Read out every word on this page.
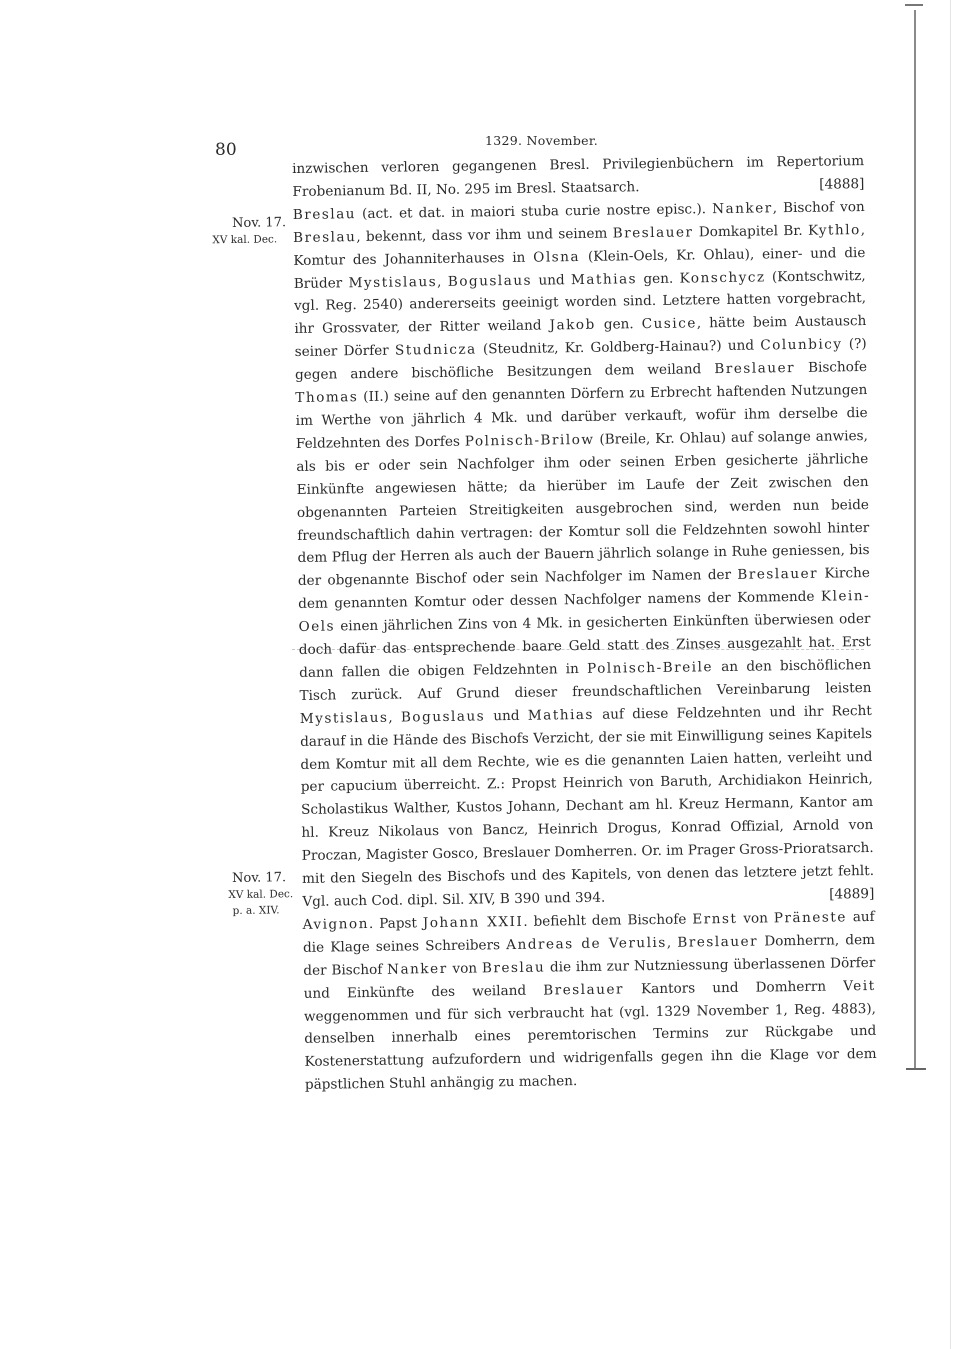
80	1329. November.
Nov. 17.
XV kal. Dec.
Nov. 17.
XV kal. Dec.
p. a. XIV.

inzwischen verloren gegangenen Bresl. Privilegienbüchern im Repertorium Frobenianum Bd. II, No. 295 im Bresl. Staatsarch.	[4888]

Breslau (act. et dat. in maiori stuba curie nostre episc.). Nanker, Bischof von Breslau, bekennt, dass vor ihm und seinem Breslauer Domkapitel Br. Kythlo, Komtur des Johanniterhauses in Olsna (Klein-Oels, Kr. Ohlau), einer- und die Brüder Mystislaus, Boguslaus und Mathias gen. Konschycz (Kontschwitz, vgl. Reg. 2540) andererseits geeinigt worden sind. Letztere hatten vorgebracht, ihr Grossvater, der Ritter weiland Jakob gen. Cusice, hätte beim Austausch seiner Dörfer Studnicza (Steudnitz, Kr. Goldberg-Hainau?) und Colunbicy (?) gegen andere bischöfliche Besitzungen dem weiland Breslauer Bischofe Thomas (II.) seine auf den genannten Dörfern zu Erbrecht haftenden Nutzungen im Werthe von jährlich 4 Mk. und darüber verkauft, wofür ihm derselbe die Feldzehnten des Dorfes Polnisch-Brilow (Breile, Kr. Ohlau) auf solange anwies, als bis er oder sein Nachfolger ihm oder seinen Erben gesicherte jährliche Einkünfte angewiesen hätte; da hierüber im Laufe der Zeit zwischen den obgenannten Parteien Streitigkeiten ausgebrochen sind, werden nun beide freundschaftlich dahin vertragen: der Komtur soll die Feldzehnten sowohl hinter dem Pflug der Herren als auch der Bauern jährlich solange in Ruhe geniessen, bis der obgenannte Bischof oder sein Nachfolger im Namen der Breslauer Kirche dem genannten Komtur oder dessen Nachfolger namens der Kommende Klein-Oels einen jährlichen Zins von 4 Mk. in gesicherten Einkünften überwiesen oder doch dafür das entsprechende baare Geld statt des Zinses ausgezahlt hat. Erst dann fallen die obigen Feldzehnten in Polnisch-Breile an den bischöflichen Tisch zurück. Auf Grund dieser freundschaftlichen Vereinbarung leisten Mystislaus, Boguslaus und Mathias auf diese Feldzehnten und ihr Recht darauf in die Hände des Bischofs Verzicht, der sie mit Einwilligung seines Kapitels dem Komtur mit all dem Rechte, wie es die genannten Laien hatten, verleiht und per capucium überreicht. Z.: Propst Heinrich von Baruth, Archidiakon Heinrich, Scholastikus Walther, Kustos Johann, Dechant am hl. Kreuz Hermann, Kantor am hl. Kreuz Nikolaus von Bancz, Heinrich Drogus, Konrad Offizial, Arnold von Proczan, Magister Gosco, Breslauer Domherren. Or. im Prager Gross-Prioratsarch. mit den Siegeln des Bischofs und des Kapitels, von denen das letztere jetzt fehlt. Vgl. auch Cod. dipl. Sil. XIV, B 390 und 394.	[4889]

Avignon. Papst Johann XXII. befiehlt dem Bischofe Ernst von Präneste auf die Klage seines Schreibers Andreas de Verulis, Breslauer Domherrn, dem der Bischof Nanker von Breslau die ihm zur Nutzniessung überlassenen Dörfer und Einkünfte des weiland Breslauer Kantors und Domherrn Veit weggenommen und für sich verbraucht hat (vgl. 1329 November 1, Reg. 4883), denselben innerhalb eines peremtorischen Termins zur Rückgabe und Kostenerstattung aufzufordern und widrigenfalls gegen ihn die Klage vor dem päpstlichen Stuhl anhängig zu machen.
